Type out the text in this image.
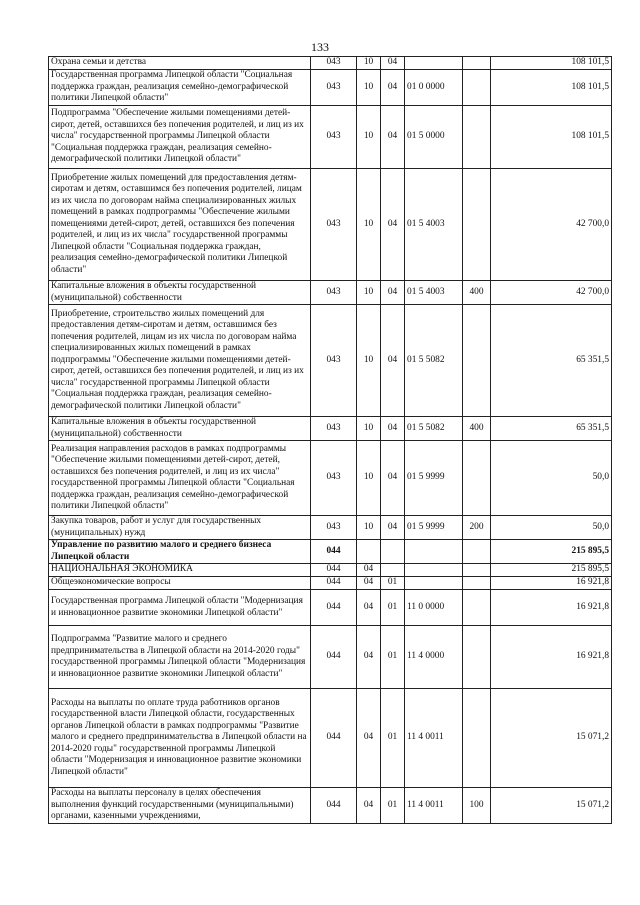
133
Охрана семьи и детства	043	10	04			108 101,5
Государственная программа Липецкой области "Социальная поддержка граждан, реализация семейно-демографической политики Липецкой области"	043	10	04	01 0 0000		108 101,5
Подпрограмма "Обеспечение жилыми помещениями детей-сирот, детей, оставшихся без попечения родителей, и лиц из их числа" государственной программы Липецкой области "Социальная поддержка граждан, реализация семейно-демографической политики Липецкой области"	043	10	04	01 5 0000		108 101,5
Приобретение жилых помещений для предоставления детям-сиротам и детям, оставшимся без попечения родителей, лицам из их числа по договорам найма специализированных жилых помещений в рамках подпрограммы "Обеспечение жилыми помещениями детей-сирот, детей, оставшихся без попечения родителей, и лиц из их числа" государственной программы Липецкой области "Социальная поддержка граждан, реализация семейно-демографической политики Липецкой области"	043	10	04	01 5 4003		42 700,0
Капитальные вложения в объекты государственной (муниципальной) собственности	043	10	04	01 5 4003	400	42 700,0
Приобретение, строительство жилых помещений для предоставления детям-сиротам и детям, оставшимся без попечения родителей, лицам из их числа по договорам найма специализированных жилых помещений в рамках подпрограммы "Обеспечение жилыми помещениями детей-сирот, детей, оставшихся без попечения родителей, и лиц из их числа" государственной программы Липецкой области "Социальная поддержка граждан, реализация семейно-демографической политики Липецкой области"	043	10	04	01 5 5082		65 351,5
Капитальные вложения в объекты государственной (муниципальной) собственности	043	10	04	01 5 5082	400	65 351,5
Реализация направления расходов в рамках подпрограммы "Обеспечение жилыми помещениями детей-сирот, детей, оставшихся без попечения родителей, и лиц из их числа" государственной программы Липецкой области "Социальная поддержка граждан, реализация семейно-демографической политики Липецкой области"	043	10	04	01 5 9999		50,0
Закупка товаров, работ и услуг для государственных (муниципальных) нужд	043	10	04	01 5 9999	200	50,0
Управление по развитию малого и среднего бизнеса Липецкой области	044					215 895,5
НАЦИОНАЛЬНАЯ ЭКОНОМИКА	044	04				215 895,5
Общеэкономические вопросы	044	04	01			16 921,8
Государственная программа Липецкой области "Модернизация и инновационное развитие экономики Липецкой области"	044	04	01	11 0 0000		16 921,8
Подпрограмма "Развитие малого и среднего предпринимательства в Липецкой области на 2014-2020 годы" государственной программы Липецкой области "Модернизация и инновационное развитие экономики Липецкой области"	044	04	01	11 4 0000		16 921,8
Расходы на выплаты по оплате труда работников органов государственной власти Липецкой области, государственных органов Липецкой области в рамках подпрограммы "Развитие малого и среднего предпринимательства в Липецкой области на 2014-2020 годы" государственной программы Липецкой области "Модернизация и инновационное развитие экономики Липецкой области"	044	04	01	11 4 0011		15 071,2
Расходы на выплаты персоналу в целях обеспечения выполнения функций государственными (муниципальными) органами, казенными учреждениями,	044	04	01	11 4 0011	100	15 071,2
